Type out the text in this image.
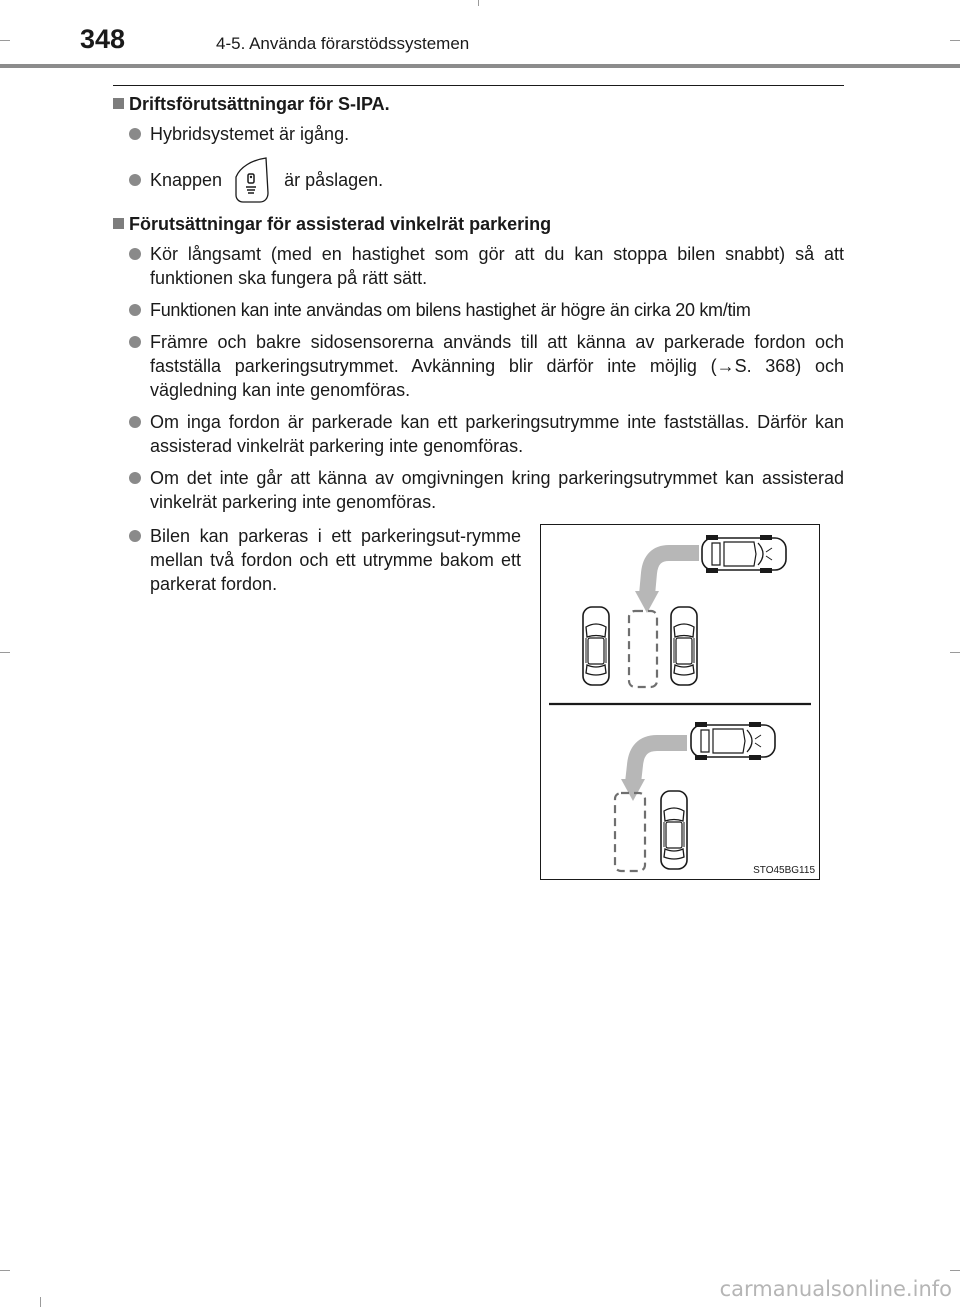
348	4-5. Använda förarstödssystemen
Driftsförutsättningar för S-IPA.
Hybridsystemet är igång.
Knappen	är påslagen.
Förutsättningar för assisterad vinkelrät parkering
Kör långsamt (med en hastighet som gör att du kan stoppa bilen snabbt) så att funktionen ska fungera på rätt sätt.
Funktionen kan inte användas om bilens hastighet är högre än cirka 20 km/tim
Främre och bakre sidosensorerna används till att känna av parkerade fordon och fastställa parkeringsutrymmet. Avkänning blir därför inte möjlig (→S. 368) och vägledning kan inte genomföras.
Om inga fordon är parkerade kan ett parkeringsutrymme inte fastställas. Därför kan assisterad vinkelrät parkering inte genomföras.
Om det inte går att känna av omgivningen kring parkeringsutrymmet kan assisterad vinkelrät parkering inte genomföras.
Bilen kan parkeras i ett parkeringsut-rymme mellan två fordon och ett utrymme bakom ett parkerat fordon.
STO45BG115
carmanualsonline.info
